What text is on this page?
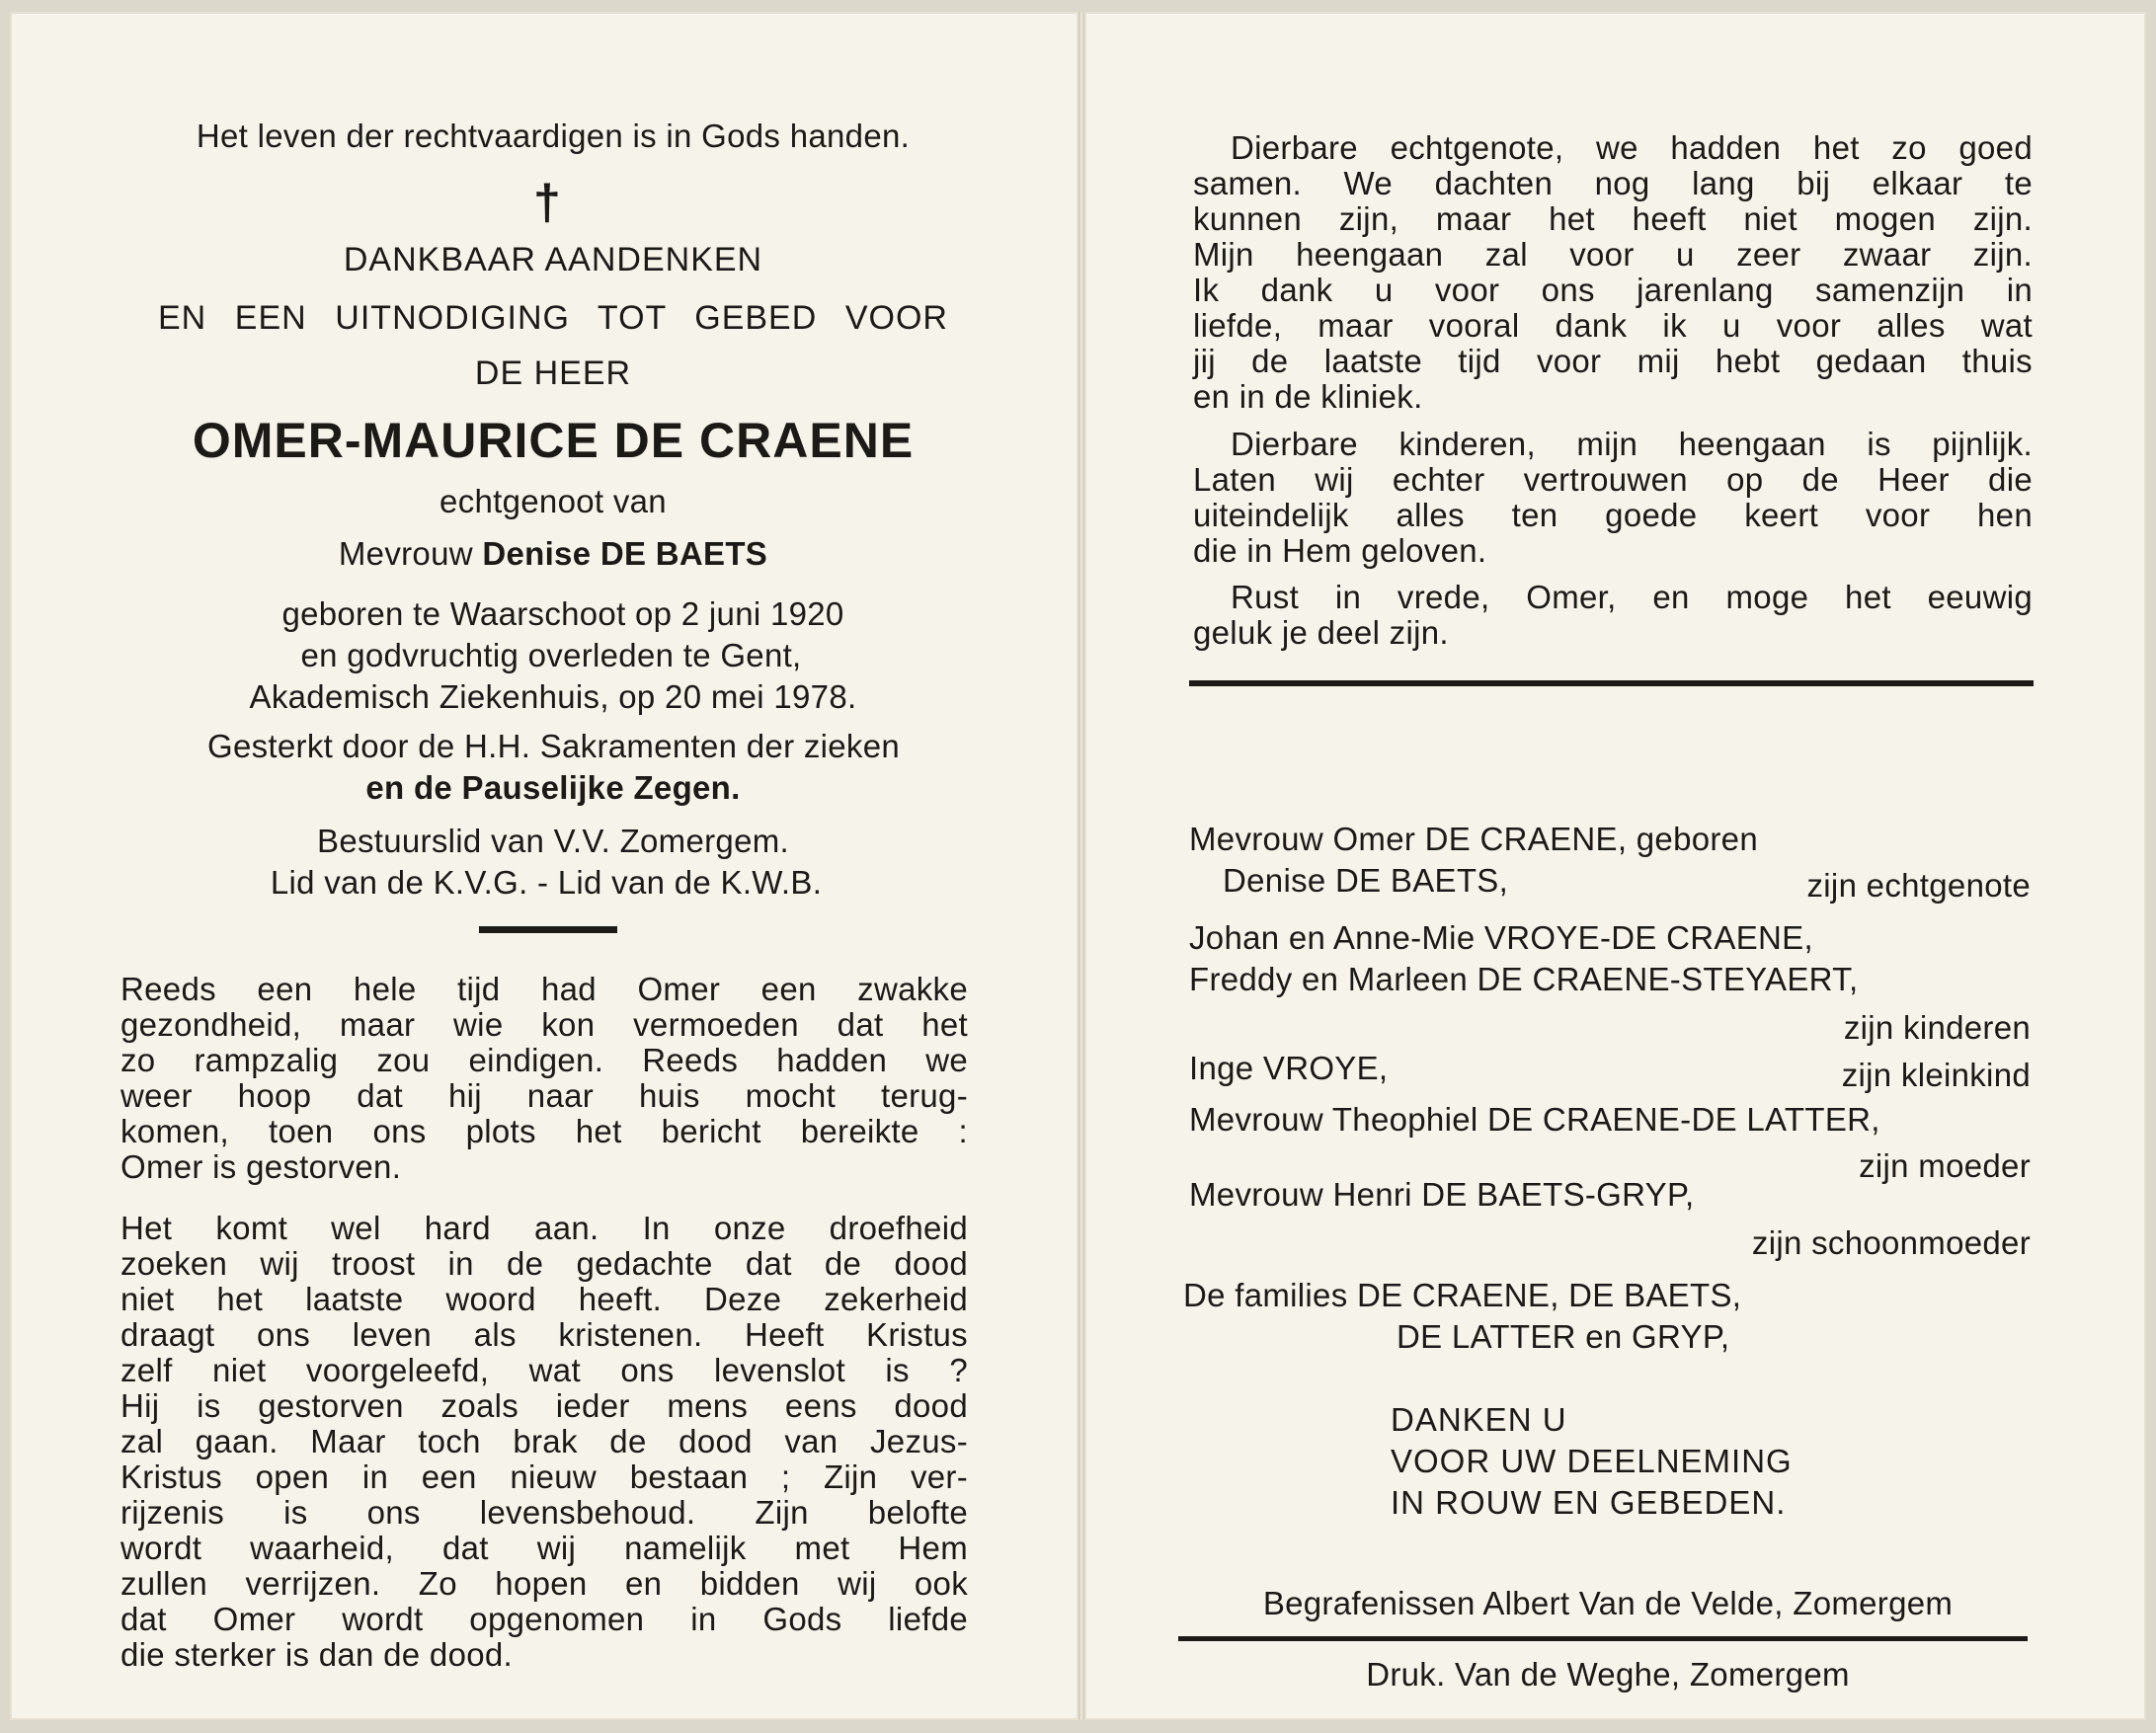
Het leven der rechtvaardigen is in Gods handen.
†
DANKBAAR AANDENKEN
EN EEN UITNODIGING TOT GEBED VOOR
DE HEER
OMER-MAURICE DE CRAENE
echtgenoot van
Mevrouw Denise DE BAETS
geboren te Waarschoot op 2 juni 1920
en godvruchtig overleden te Gent,
Akademisch Ziekenhuis, op 20 mei 1978.
Gesterkt door de H.H. Sakramenten der zieken
en de Pauselijke Zegen.
Bestuurslid van V.V. Zomergem.
Lid van de K.V.G. - Lid van de K.W.B.
Reeds een hele tijd had Omer een zwakke
gezondheid, maar wie kon vermoeden dat het
zo rampzalig zou eindigen. Reeds hadden we
weer hoop dat hij naar huis mocht terug-
komen, toen ons plots het bericht bereikte :
Omer is gestorven.
Het komt wel hard aan. In onze droefheid
zoeken wij troost in de gedachte dat de dood
niet het laatste woord heeft. Deze zekerheid
draagt ons leven als kristenen. Heeft Kristus
zelf niet voorgeleefd, wat ons levenslot is ?
Hij is gestorven zoals ieder mens eens dood
zal gaan. Maar toch brak de dood van Jezus-
Kristus open in een nieuw bestaan ; Zijn ver-
rijzenis is ons levensbehoud. Zijn belofte
wordt waarheid, dat wij namelijk met Hem
zullen verrijzen. Zo hopen en bidden wij ook
dat Omer wordt opgenomen in Gods liefde
die sterker is dan de dood.
Dierbare echtgenote, we hadden het zo goed
samen. We dachten nog lang bij elkaar te
kunnen zijn, maar het heeft niet mogen zijn.
Mijn heengaan zal voor u zeer zwaar zijn.
Ik dank u voor ons jarenlang samenzijn in
liefde, maar vooral dank ik u voor alles wat
jij de laatste tijd voor mij hebt gedaan thuis
en in de kliniek.
Dierbare kinderen, mijn heengaan is pijnlijk.
Laten wij echter vertrouwen op de Heer die
uiteindelijk alles ten goede keert voor hen
die in Hem geloven.
Rust in vrede, Omer, en moge het eeuwig
geluk je deel zijn.
Mevrouw Omer DE CRAENE, geboren
Denise DE BAETS,	zijn echtgenote
Johan en Anne-Mie VROYE-DE CRAENE,
Freddy en Marleen DE CRAENE-STEYAERT,
zijn kinderen
Inge VROYE,	zijn kleinkind
Mevrouw Theophiel DE CRAENE-DE LATTER,
zijn moeder
Mevrouw Henri DE BAETS-GRYP,
zijn schoonmoeder
De families DE CRAENE, DE BAETS,
DE LATTER en GRYP,
DANKEN U
VOOR UW DEELNEMING
IN ROUW EN GEBEDEN.
Begrafenissen Albert Van de Velde, Zomergem
Druk. Van de Weghe, Zomergem
